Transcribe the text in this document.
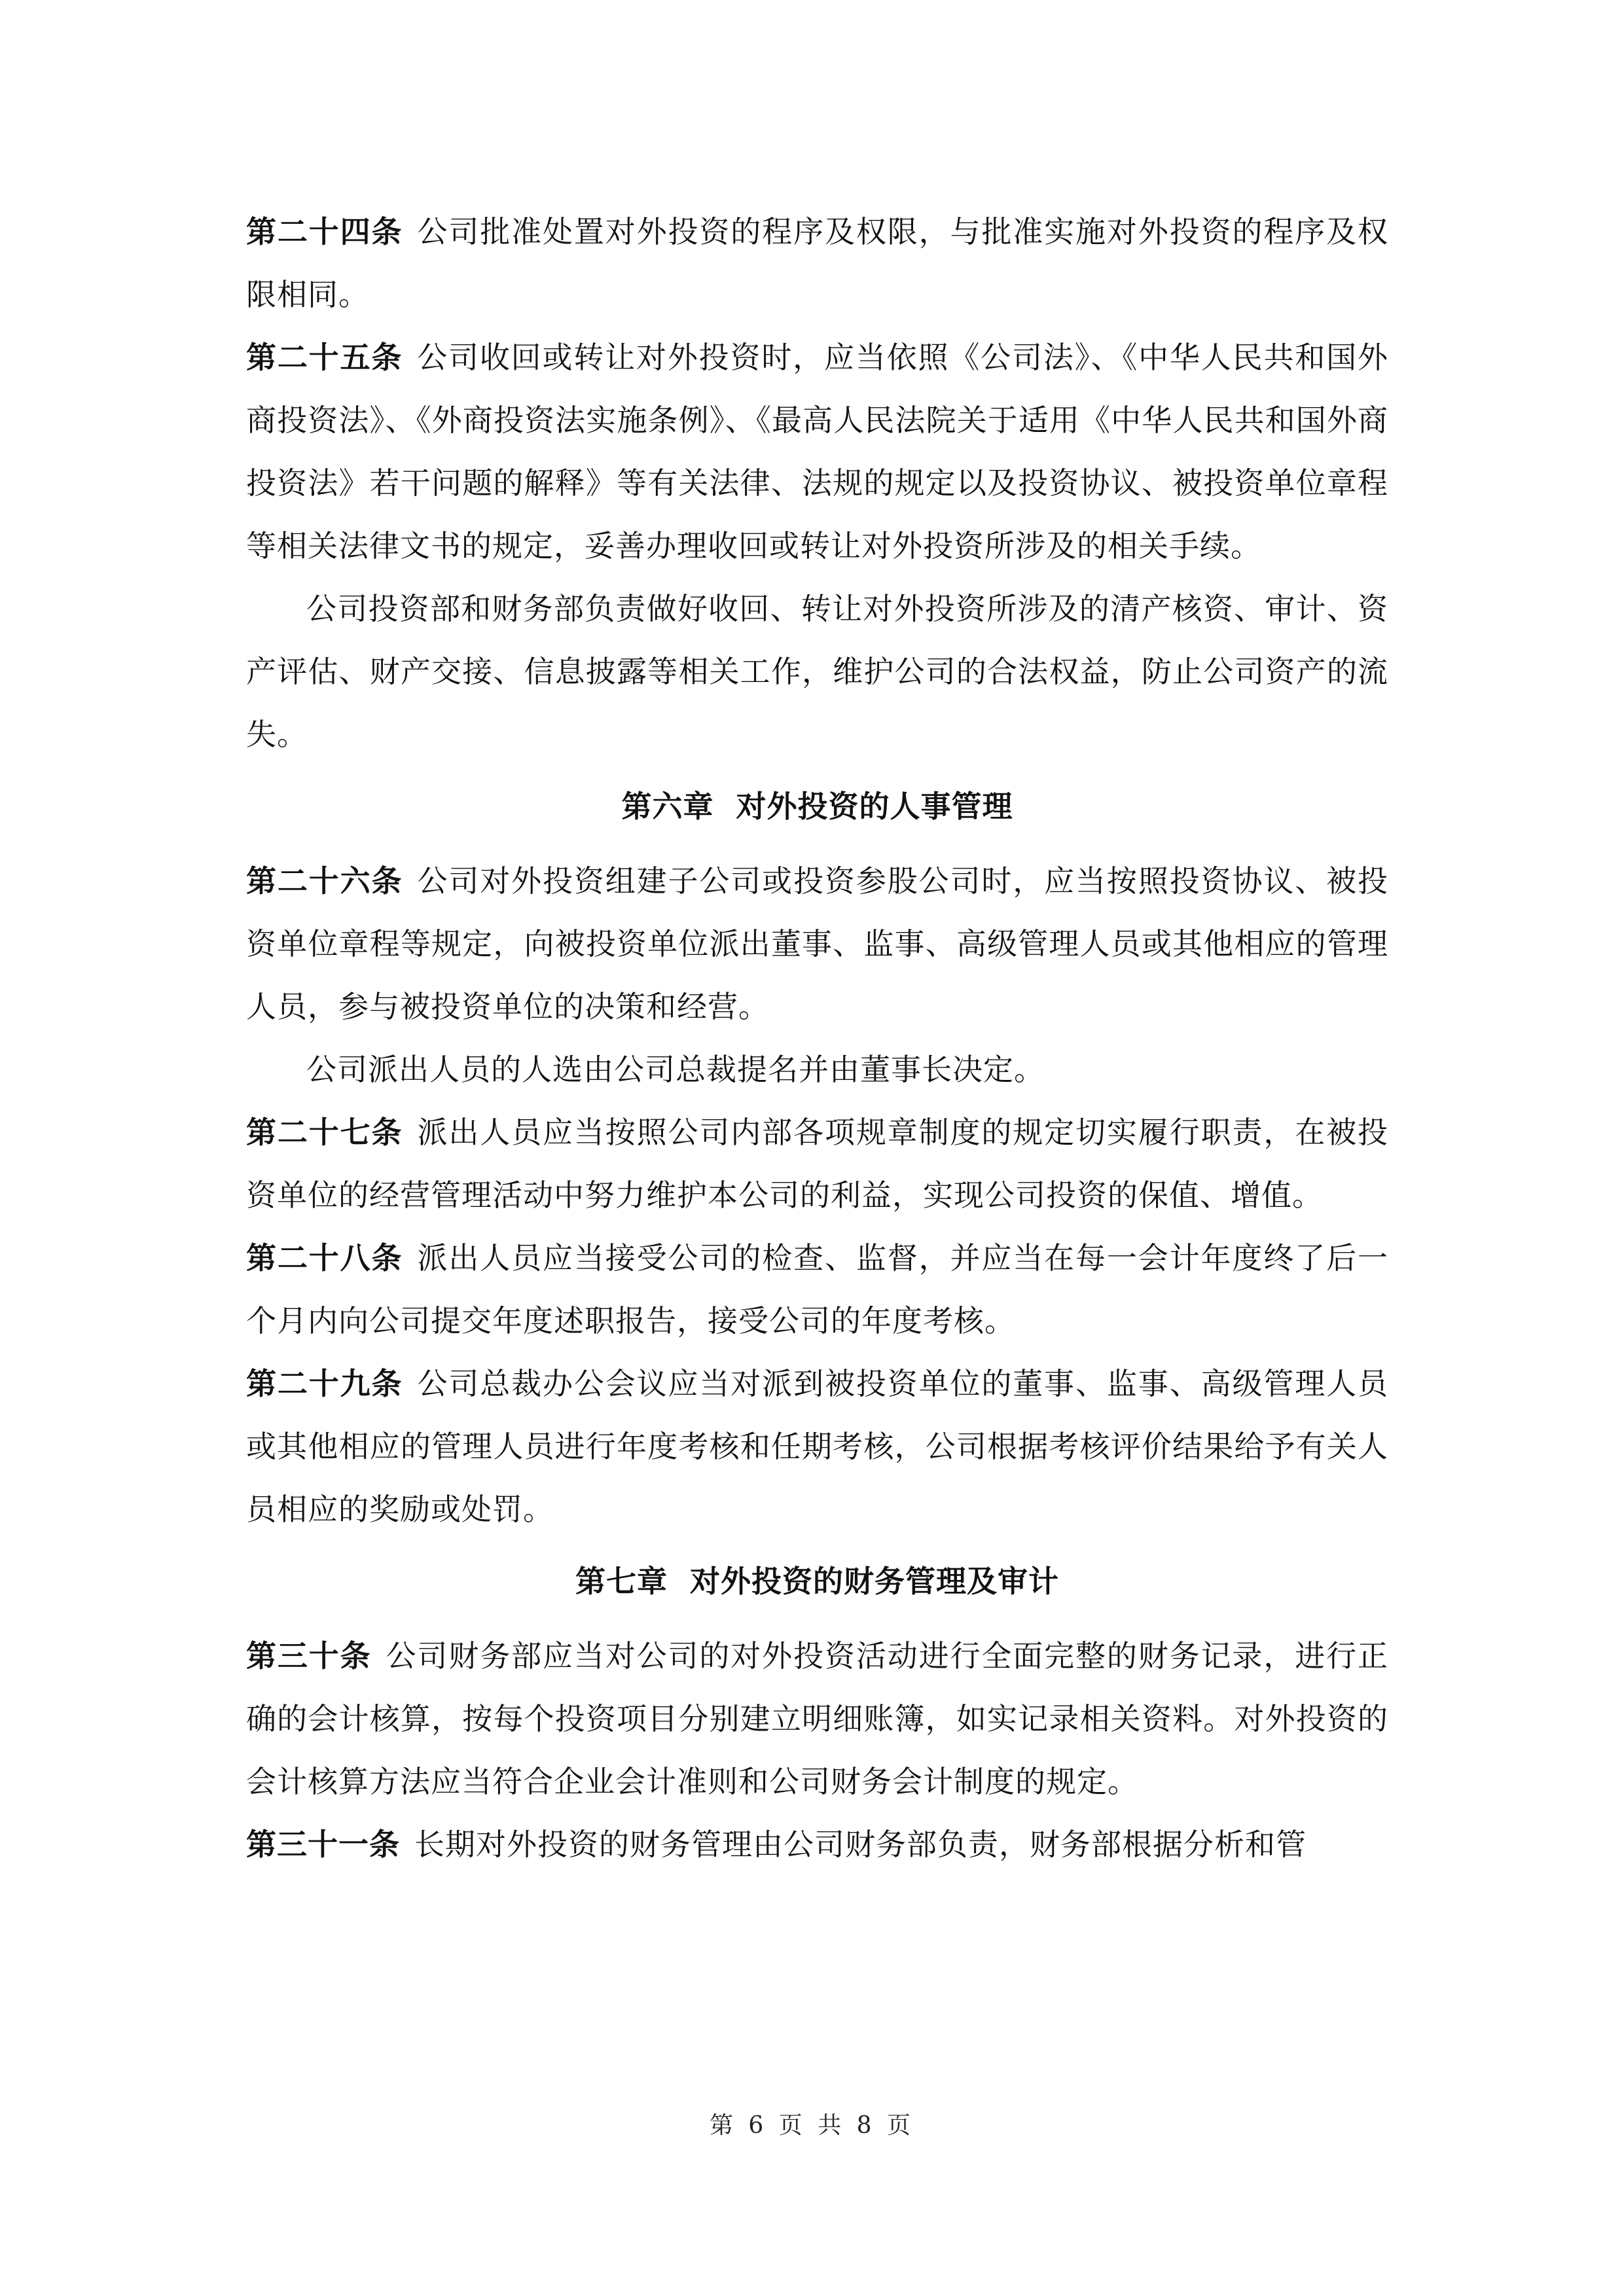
第二十四条 公司批准处置对外投资的程序及权限，与批准实施对外投资的程序及权限相同。

第二十五条 公司收回或转让对外投资时，应当依照《公司法》、《中华人民共和国外商投资法》、《外商投资法实施条例》、《最高人民法院关于适用《中华人民共和国外商投资法》若干问题的解释》等有关法律、法规的规定以及投资协议、被投资单位章程等相关法律文书的规定，妥善办理收回或转让对外投资所涉及的相关手续。

公司投资部和财务部负责做好收回、转让对外投资所涉及的清产核资、审计、资产评估、财产交接、信息披露等相关工作，维护公司的合法权益，防止公司资产的流失。

第六章  对外投资的人事管理

第二十六条 公司对外投资组建子公司或投资参股公司时，应当按照投资协议、被投资单位章程等规定，向被投资单位派出董事、监事、高级管理人员或其他相应的管理人员，参与被投资单位的决策和经营。

公司派出人员的人选由公司总裁提名并由董事长决定。

第二十七条 派出人员应当按照公司内部各项规章制度的规定切实履行职责，在被投资单位的经营管理活动中努力维护本公司的利益，实现公司投资的保值、增值。

第二十八条 派出人员应当接受公司的检查、监督，并应当在每一会计年度终了后一个月内向公司提交年度述职报告，接受公司的年度考核。

第二十九条 公司总裁办公会议应当对派到被投资单位的董事、监事、高级管理人员或其他相应的管理人员进行年度考核和任期考核，公司根据考核评价结果给予有关人员相应的奖励或处罚。

第七章  对外投资的财务管理及审计

第三十条 公司财务部应当对公司的对外投资活动进行全面完整的财务记录，进行正确的会计核算，按每个投资项目分别建立明细账簿，如实记录相关资料。对外投资的会计核算方法应当符合企业会计准则和公司财务会计制度的规定。

第三十一条 长期对外投资的财务管理由公司财务部负责，财务部根据分析和管

第 6 页 共 8 页
